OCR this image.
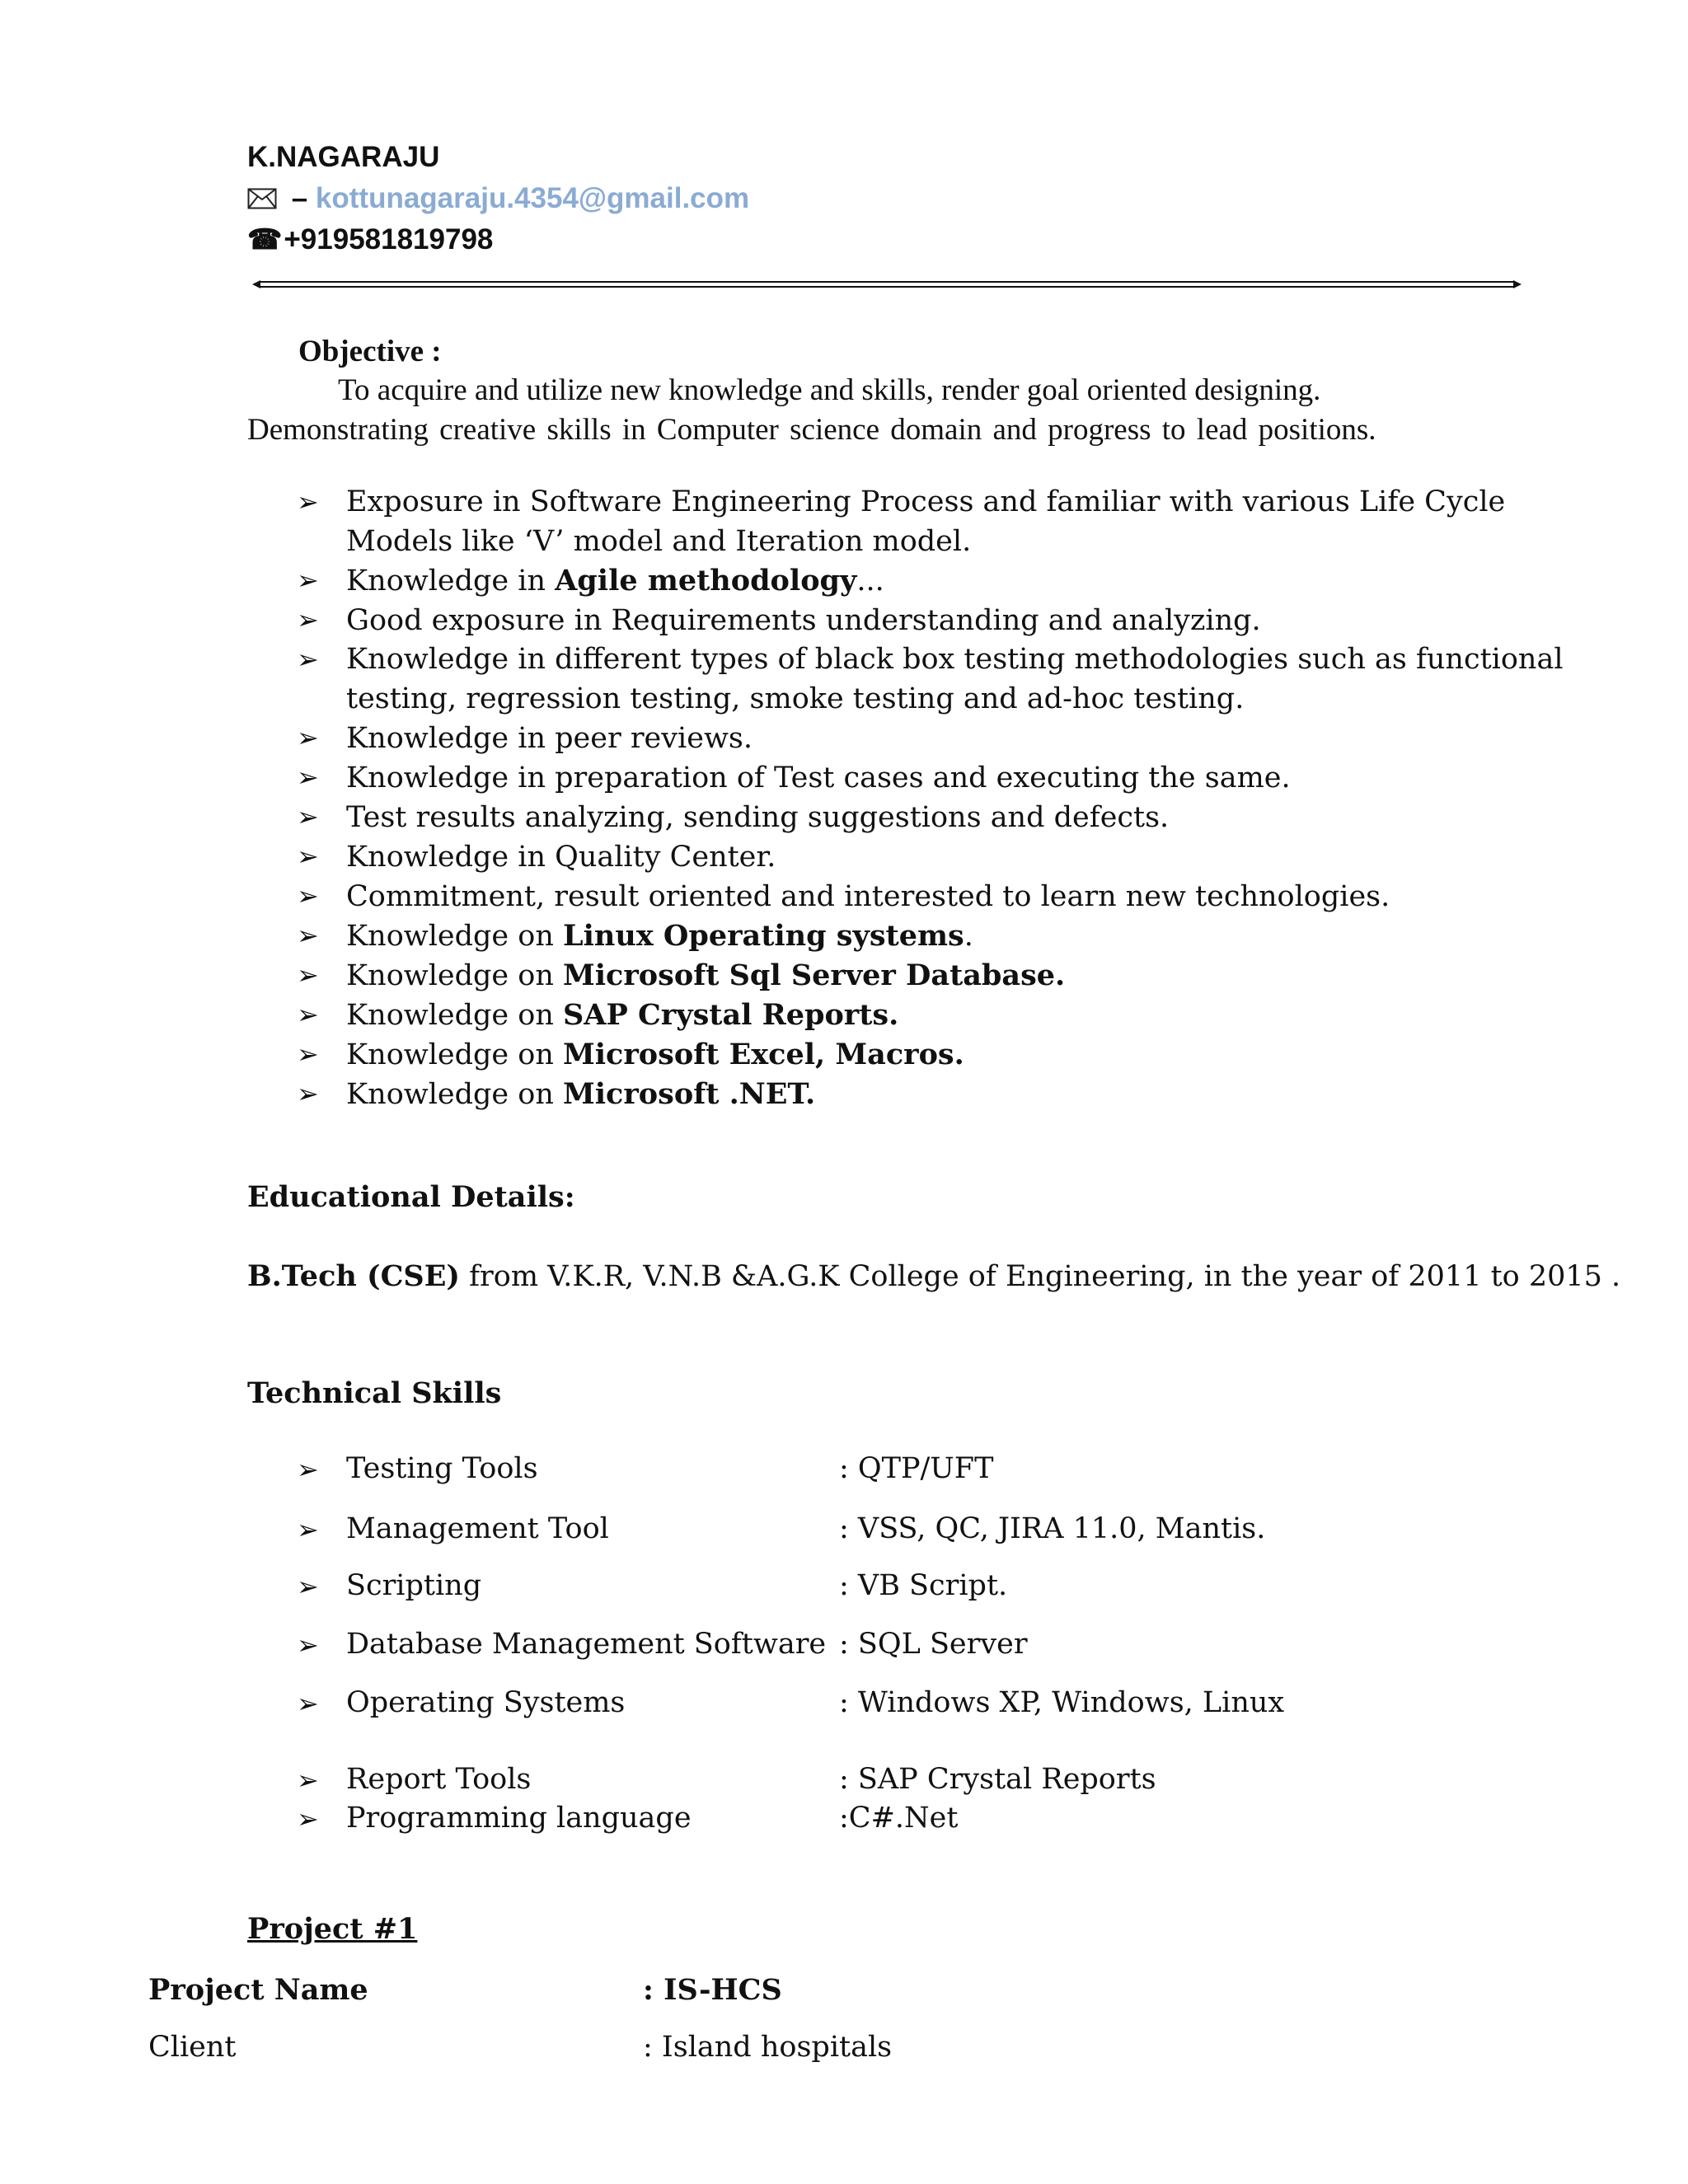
K.NAGARAJU
– kottunagaraju.4354@gmail.com
☎ +919581819798
Objective :
To acquire and utilize new knowledge and skills, render goal oriented designing.
Demonstrating creative skills in Computer science domain and progress to lead positions.
➢ Exposure in Software Engineering Process and familiar with various Life Cycle Models like ‘V’ model and Iteration model.
➢ Knowledge in Agile methodology...
➢ Good exposure in Requirements understanding and analyzing.
➢ Knowledge in different types of black box testing methodologies such as functional testing, regression testing, smoke testing and ad-hoc testing.
➢ Knowledge in peer reviews.
➢ Knowledge in preparation of Test cases and executing the same.
➢ Test results analyzing, sending suggestions and defects.
➢ Knowledge in Quality Center.
➢ Commitment, result oriented and interested to learn new technologies.
➢ Knowledge on Linux Operating systems.
➢ Knowledge on Microsoft Sql Server Database.
➢ Knowledge on SAP Crystal Reports.
➢ Knowledge on Microsoft Excel, Macros.
➢ Knowledge on Microsoft .NET.
Educational Details:
B.Tech (CSE) from V.K.R, V.N.B &A.G.K College of Engineering, in the year of 2011 to 2015 .
Technical Skills
➢ Testing Tools	: QTP/UFT
➢ Management Tool	: VSS, QC, JIRA 11.0, Mantis.
➢ Scripting	: VB Script.
➢ Database Management Software : SQL Server
➢ Operating Systems	: Windows XP, Windows, Linux
➢ Report Tools	: SAP Crystal Reports
➢ Programming language	:C#.Net
Project #1
Project Name	: IS-HCS
Client	: Island hospitals
